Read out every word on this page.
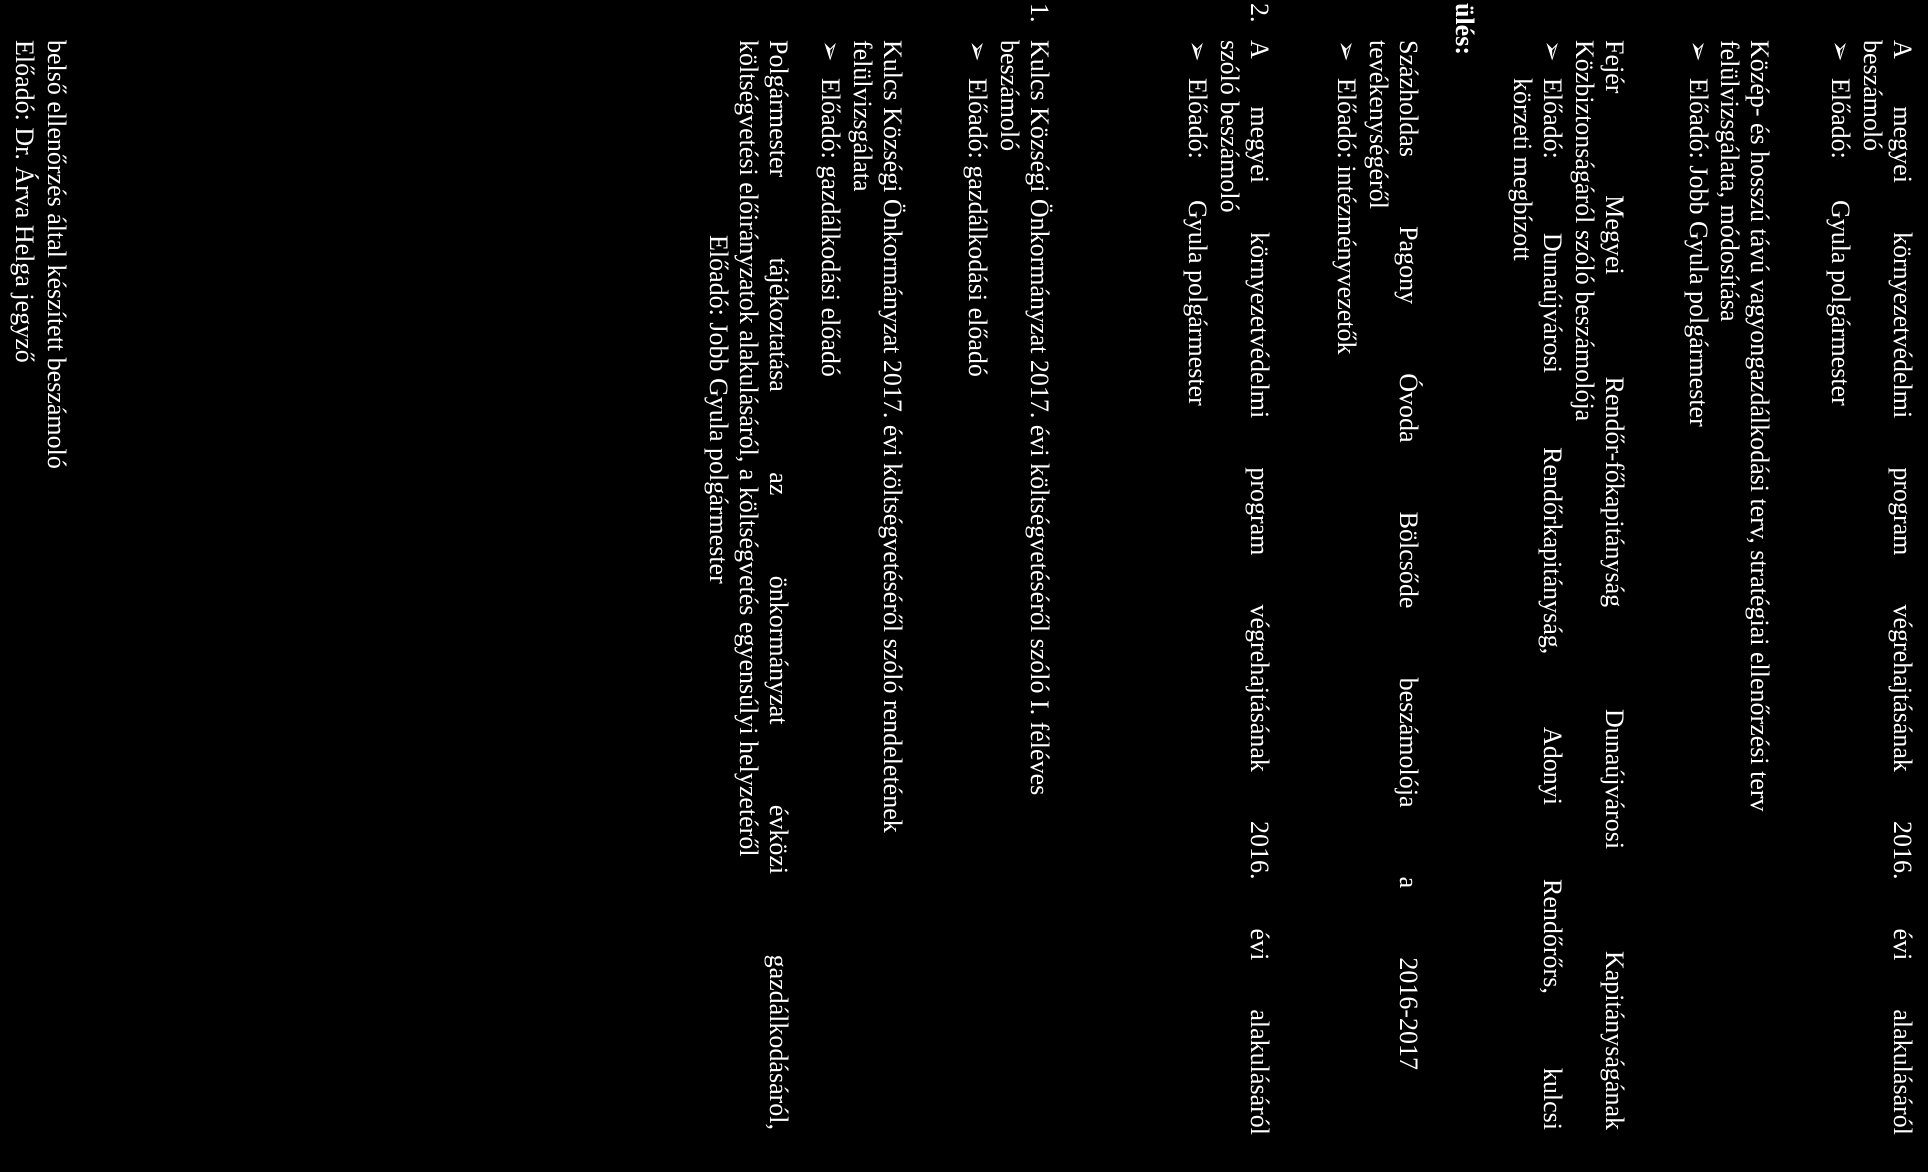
A megyei környezetvédelmi program végrehajtásának 2016. évi alakulásáról
beszámoló
➢Előadó:
Gyula polgármester
Közép- és hosszú távú vagyongazdálkodási terv, stratégiai ellenőrzési terv
felülvizsgálata, módosítása
➢Előadó: Jobb Gyula polgármester
Fejér Megyei Rendőr-főkapitányság Dunaújvárosi Kapitányságának
Közbiztonságáról szóló beszámolója
➢Előadó: Dunaújvárosi Rendőrkapitányság, Adonyi Rendőrőrs, kulcsi
körzeti megbízott
ülés:
Százholdas Pagony Óvoda Bölcsőde beszámolója a 2016-2017
tevékenységéről
➢Előadó: intézményvezetők
2.
A megyei környezetvédelmi program végrehajtásának 2016. évi alakulásáról
szóló beszámoló
➢Előadó:
Gyula polgármester
1.
Kulcs Községi Önkormányzat 2017. évi költségvetéséről szóló I. féléves
beszámoló
➢Előadó: gazdálkodási előadó
Kulcs Községi Önkormányzat 2017. évi költségvetéséről szóló rendeletének
felülvizsgálata
➢Előadó: gazdálkodási előadó
Polgármester tájékoztatása az önkormányzat évközi gazdálkodásáról,
költségvetési előirányzatok alakulásáról, a költségvetés egyensúlyi helyzetéről
Előadó: Jobb Gyula polgármester
belső ellenőrzés által készített beszámoló
Előadó: Dr. Árva Helga jegyző
